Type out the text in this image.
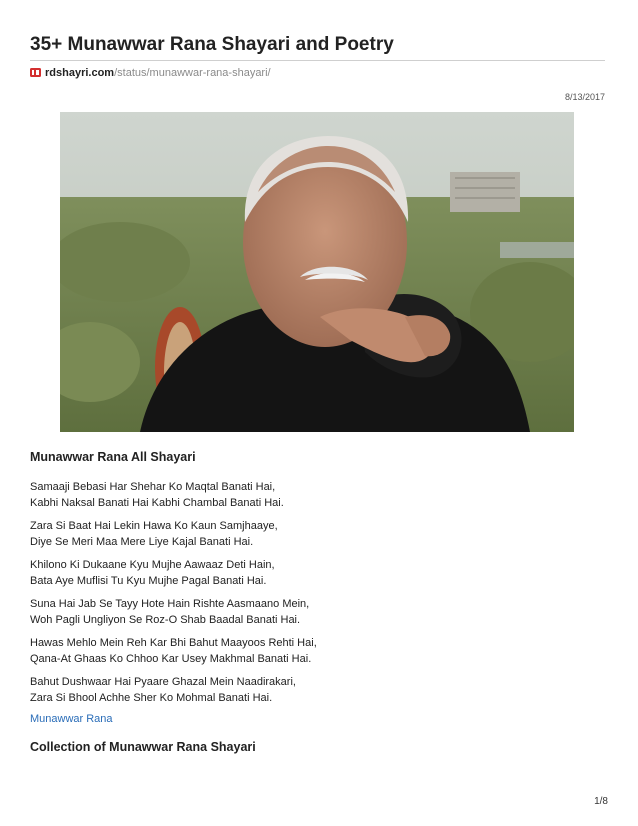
35+ Munawwar Rana Shayari and Poetry
rdshayri.com/status/munawwar-rana-shayari/
8/13/2017
Munawwar Rana All Shayari
Samaaji Bebasi Har Shehar Ko Maqtal Banati Hai,
Kabhi Naksal Banati Hai Kabhi Chambal Banati Hai.
Zara Si Baat Hai Lekin Hawa Ko Kaun Samjhaaye,
Diye Se Meri Maa Mere Liye Kajal Banati Hai.
Khilono Ki Dukaane Kyu Mujhe Aawaaz Deti Hain,
Bata Aye Muflisi Tu Kyu Mujhe Pagal Banati Hai.
Suna Hai Jab Se Tayy Hote Hain Rishte Aasmaano Mein,
Woh Pagli Ungliyon Se Roz-O Shab Baadal Banati Hai.
Hawas Mehlo Mein Reh Kar Bhi Bahut Maayoos Rehti Hai,
Qana-At Ghaas Ko Chhoo Kar Usey Makhmal Banati Hai.
Bahut Dushwaar Hai Pyaare Ghazal Mein Naadirakari,
Zara Si Bhool Achhe Sher Ko Mohmal Banati Hai.
Munawwar Rana
Collection of Munawwar Rana Shayari
1/8
